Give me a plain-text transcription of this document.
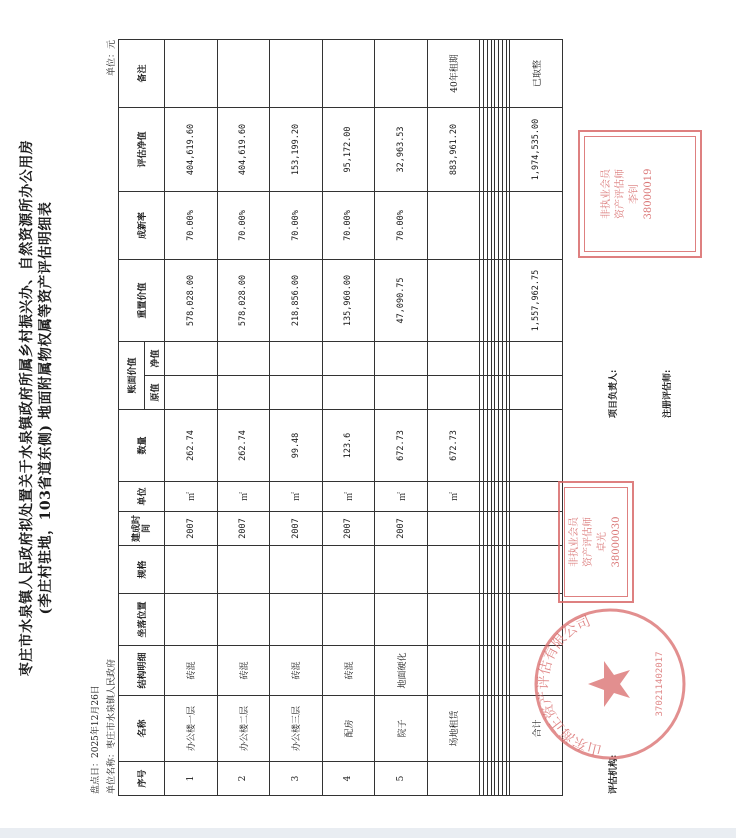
枣庄市水泉镇人民政府拟处置关于水泉镇政府所属乡村振兴办、自然资源所办公用房 (李庄村驻地，103省道东侧) 地面附属物权属等资产评估明细表
盘点日：2025年12月26日 单位名称：枣庄市水泉镇人民政府
单位：元
序号	名称	结构明细	坐落位置	规格	建成时间	单位	数量	账面价值		重置价值	成新率	评估净值	备注
								原值	净值				
1	办公楼一层	砖混			2007	㎡	262.74			578,028.00	70.00%	404,619.60	
2	办公楼二层	砖混			2007	㎡	262.74			578,028.00	70.00%	404,619.60	
3	办公楼三层	砖混			2007	㎡	99.48			218,856.00	70.00%	153,199.20	
4	配房	砖混			2007	㎡	123.6			135,960.00	70.00%	95,172.00	
5	院子	地面硬化			2007	㎡	672.73			47,090.75	70.00%	32,963.53	
	场地租赁					㎡	672.73					883,961.20	40年租期

	合计									1,557,962.75		1,974,535.00	已取整
评估机构:
项目负责人:	注册评估师:
山东海正资产评估有限公司
370211402017
非执业会员 资产评估师 卓光 38000030
非执业会员 资产评估师 李钊 38000019
